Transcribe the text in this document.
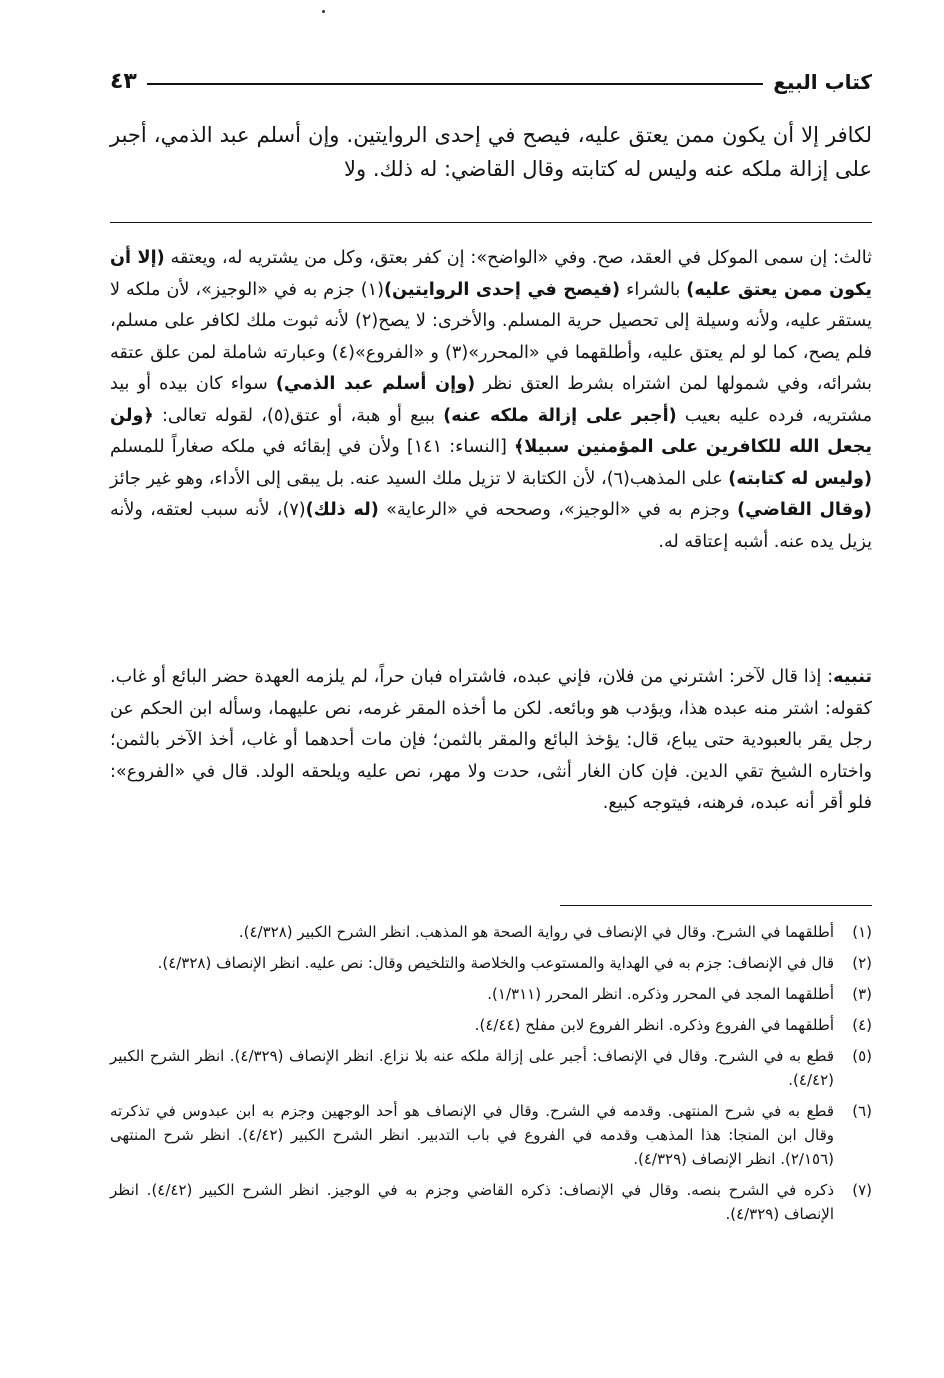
كتاب البيع
٤٣
لكافر إلا أن يكون ممن يعتق عليه، فيصح في إحدى الروايتين. وإن أسلم عبد الذمي، أجبر على إزالة ملكه عنه وليس له كتابته وقال القاضي: له ذلك. ولا
ثالث: إن سمى الموكل في العقد، صح. وفي «الواضح»: إن كفر بعتق، وكل من يشتريه له، ويعتقه (إلا أن يكون ممن يعتق عليه) بالشراء (فيصح في إحدى الروايتين)(١) جزم به في «الوجيز»، لأن ملكه لا يستقر عليه، ولأنه وسيلة إلى تحصيل حرية المسلم. والأخرى: لا يصح(٢) لأنه ثبوت ملك لكافر على مسلم، فلم يصح، كما لو لم يعتق عليه، وأطلقهما في «المحرر»(٣) و «الفروع»(٤) وعبارته شاملة لمن علق عتقه بشرائه، وفي شمولها لمن اشتراه بشرط العتق نظر (وإن أسلم عبد الذمي) سواء كان بيده أو بيد مشتريه، فرده عليه بعيب (أجبر على إزالة ملكه عنه) ببيع أو هبة، أو عتق(٥)، لقوله تعالى: ﴿ولن يجعل الله للكافرين على المؤمنين سبيلا﴾ [النساء: ١٤١] ولأن في إبقائه في ملكه صغاراً للمسلم (وليس له كتابته) على المذهب(٦)، لأن الكتابة لا تزيل ملك السيد عنه. بل يبقى إلى الأداء، وهو غير جائز (وقال القاضي) وجزم به في «الوجيز»، وصححه في «الرعاية» (له ذلك)(٧)، لأنه سبب لعتقه، ولأنه يزيل يده عنه. أشبه إعتاقه له.
تنبيه: إذا قال لآخر: اشترني من فلان، فإني عبده، فاشتراه فبان حراً، لم يلزمه العهدة حضر البائع أو غاب. كقوله: اشتر منه عبده هذا، ويؤدب هو وبائعه. لكن ما أخذه المقر غرمه، نص عليهما، وسأله ابن الحكم عن رجل يقر بالعبودية حتى يباع، قال: يؤخذ البائع والمقر بالثمن؛ فإن مات أحدهما أو غاب، أخذ الآخر بالثمن؛ واختاره الشيخ تقي الدين. فإن كان الغار أنثى، حدت ولا مهر، نص عليه ويلحقه الولد. قال في «الفروع»: فلو أقر أنه عبده، فرهنه، فيتوجه كبيع.
(١)
أطلقهما في الشرح. وقال في الإنصاف في رواية الصحة هو المذهب. انظر الشرح الكبير (٤/٣٢٨).
(٢)
قال في الإنصاف: جزم به في الهداية والمستوعب والخلاصة والتلخيص وقال: نص عليه. انظر الإنصاف (٤/٣٢٨).
(٣)
أطلقهما المجد في المحرر وذكره. انظر المحرر (١/٣١١).
(٤)
أطلقهما في الفروع وذكره. انظر الفروع لابن مفلح (٤/٤٤).
(٥)
قطع به في الشرح. وقال في الإنصاف: أجبر على إزالة ملكه عنه بلا نزاع. انظر الإنصاف (٤/٣٢٩). انظر الشرح الكبير (٤/٤٢).
(٦)
قطع به في شرح المنتهى. وقدمه في الشرح. وقال في الإنصاف هو أحد الوجهين وجزم به ابن عبدوس في تذكرته وقال ابن المنجا: هذا المذهب وقدمه في الفروع في باب التدبير. انظر الشرح الكبير (٤/٤٢). انظر شرح المنتهى (٢/١٥٦). انظر الإنصاف (٤/٣٢٩).
(٧)
ذكره في الشرح بنصه. وقال في الإنصاف: ذكره القاضي وجزم به في الوجيز. انظر الشرح الكبير (٤/٤٢). انظر الإنصاف (٤/٣٢٩).
